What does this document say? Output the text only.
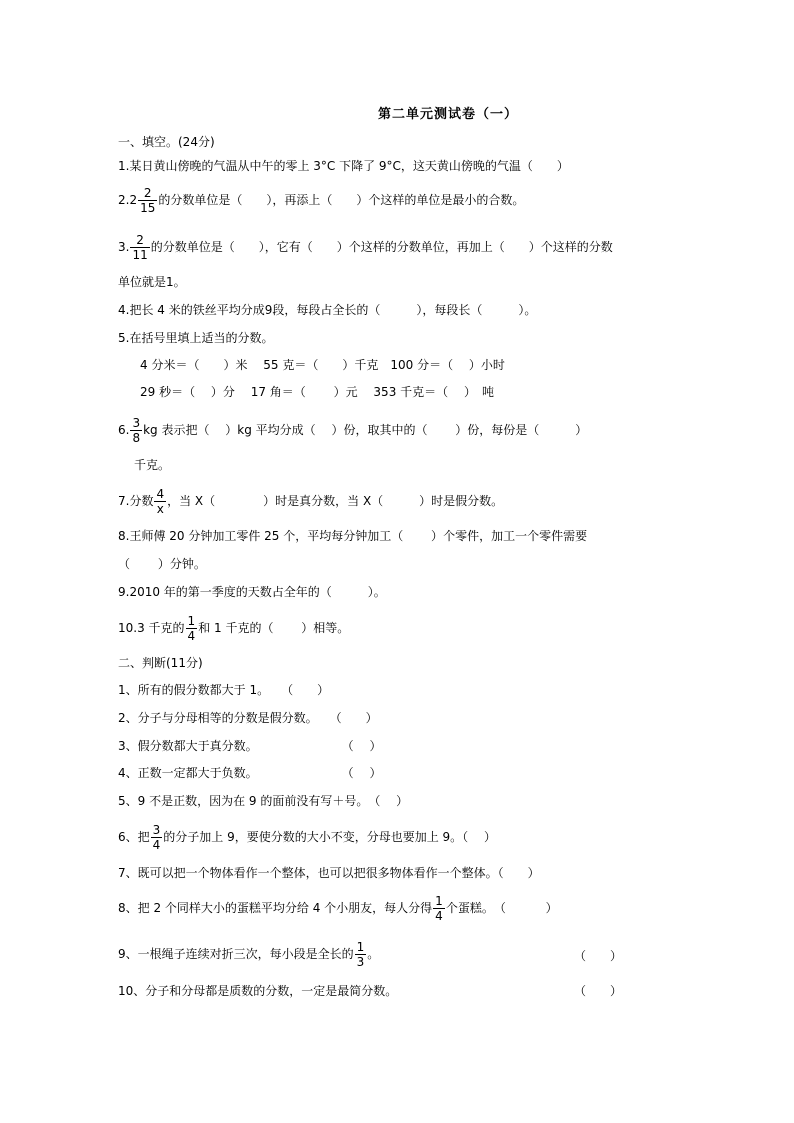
第二单元测试卷（一）
一、填空。(24分)
1.某日黄山傍晚的气温从中午的零上 3°C 下降了 9°C，这天黄山傍晚的气温（　　）
$2.2 \frac{2}{15}$ 的分数单位是（　　），再添上（　　）个这样的单位是最小的合数。
3. $\frac{2}{11}$ 的分数单位是（　　），它有（　　）个这样的分数单位，再加上（　　）个这样的分数
单位就是1。
4.把长 4 米的铁丝平均分成9段，每段占全长的（　　　），每段长（　　　）。
5.在括号里填上适当的分数。
4 分米＝（　　）米　 55 克＝（　　）千克　100 分＝（　 ）小时
29 秒＝（　 ）分　 17 角＝（　　 ）元　 353 千克＝（　 ）　吨
6. $\frac{3}{8}$ kg 表示把（　 ）kg 平均分成（　 ）份，取其中的（　　 ）份，每份是（　　　）
千克。
7.分数 $\frac{4}{x}$ ，当 X（　　　　）时是真分数，当 X（　　　）时是假分数。
8.王师傅 20 分钟加工零件 25 个，平均每分钟加工（　　 ）个零件，加工一个零件需要
（　　 ）分钟。
9.2010 年的第一季度的天数占全年的（　　　）。
10.3 千克的 $\frac{1}{4}$ 和 1 千克的（　　 ）相等。
二、判断(11分)
1、所有的假分数都大于 1。　　（　　）
2、分子与分母相等的分数是假分数。　　（　　）
3、假分数都大于真分数。　　　　　　　　（　 ）
4、正数一定都大于负数。　　　　　　　　（　 ）
5、9 不是正数，因为在 9 的面前没有写＋号。　（　 ）
6、把 $\frac{3}{4}$ 的分子加上 9，要使分数的大小不变，分母也要加上 9。（　 ）
7、既可以把一个物体看作一个整体，也可以把很多物体看作一个整体。（　　）
8、把 2 个同样大小的蛋糕平均分给 4 个小朋友，每人分得 $\frac{1}{4}$ 个蛋糕。　（　　　 ）
9、一根绳子连续对折三次，每小段是全长的 $\frac{1}{3}$ 。	（　　）
10、分子和分母都是质数的分数，一定是最简分数。	（　　）
